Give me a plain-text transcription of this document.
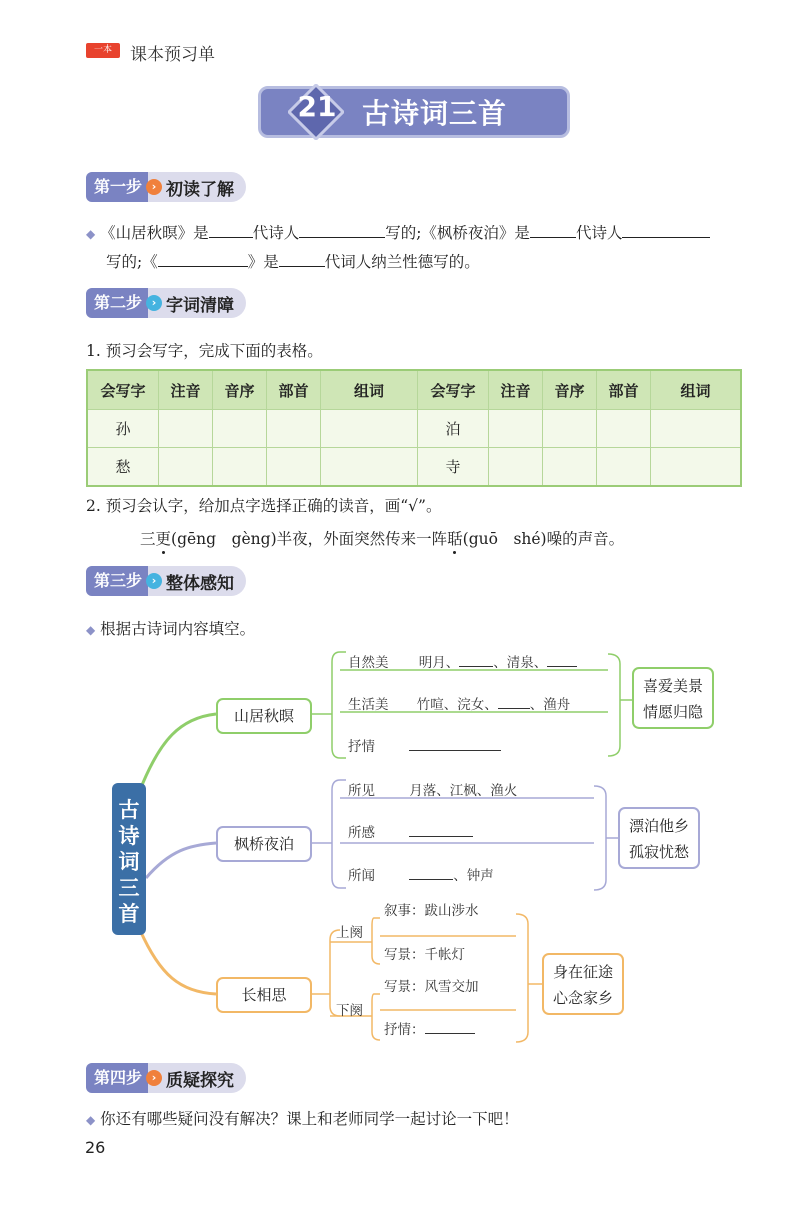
一本	课本预习单
21 古诗词三首
第一步 › 初读了解
◆ 《山居秋暝》是	代诗人	写的;《枫桥夜泊》是	代诗人
写的;《	》是	代词人纳兰性德写的。
第二步 › 字词清障
1. 预习会写字，完成下面的表格。
会写字	注音	音序	部首	组词	会写字	注音	音序	部首	组词
孙					泊				
愁					寺				
2. 预习会认字，给加点字选择正确的读音，画“√”。
三更(gēng　gèng)半夜，外面突然传来一阵聒(guō　shé)噪的声音。
第三步 › 整体感知
◆ 根据古诗词内容填空。
古
诗
词
三
首
山居秋暝
自然美 明月、	、清泉、
生活美 竹喧、浣女、 、渔舟
抒情
喜爱美景
情愿归隐
枫桥夜泊
所见	月落、江枫、渔火
所感
所闻	、钟声
漂泊他乡
孤寂忧愁
长相思
上阕
下阕
叙事：跋山涉水
写景：千帐灯
写景：风雪交加
抒情：
身在征途
心念家乡
第四步 › 质疑探究
◆ 你还有哪些疑问没有解决？课上和老师同学一起讨论一下吧！
26
